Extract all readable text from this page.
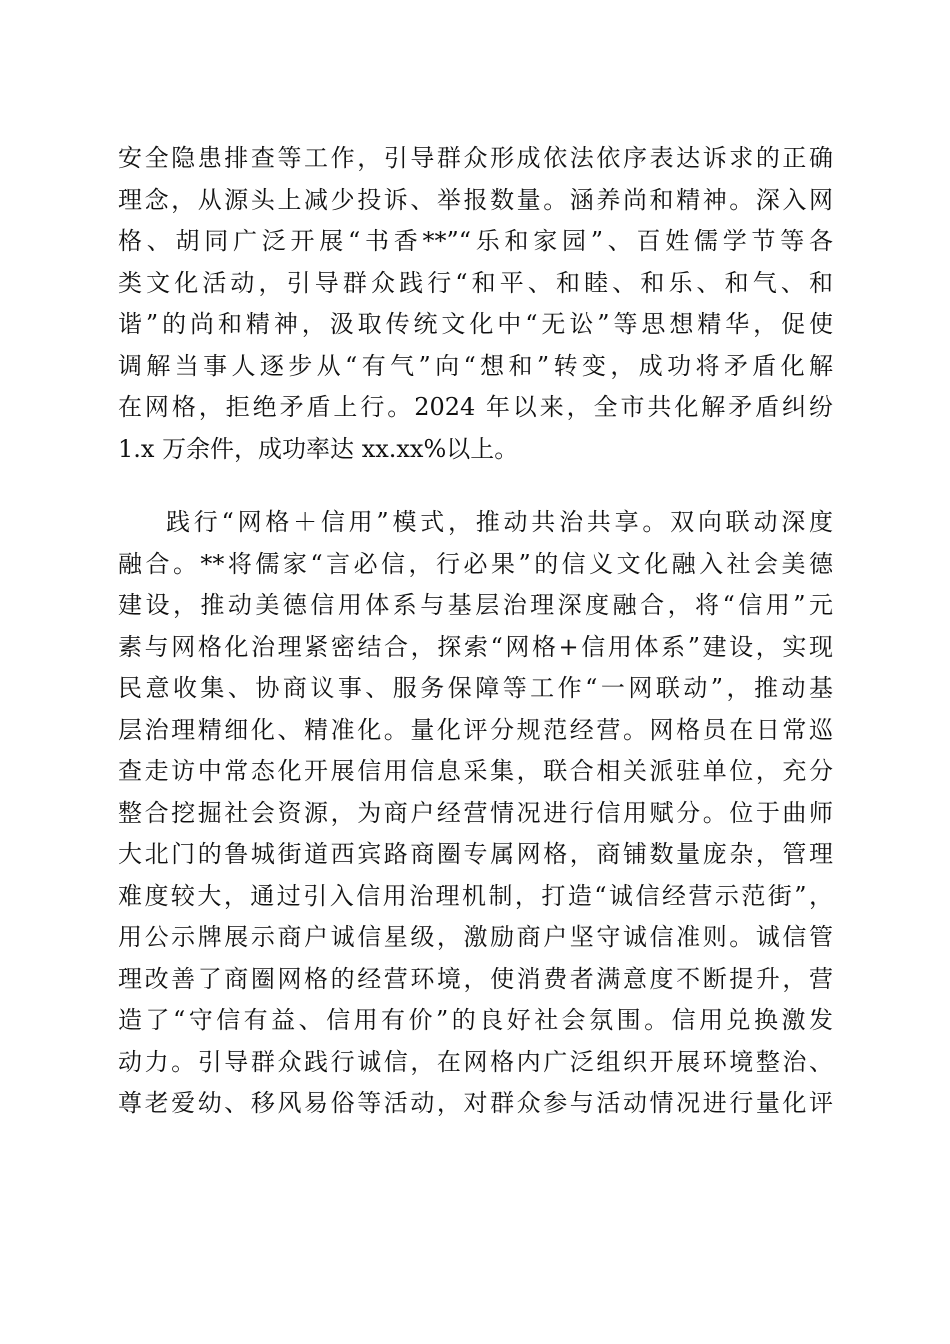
安全隐患排查等工作，引导群众形成依法依序表达诉求的正确
理念，从源头上减少投诉、举报数量。涵养尚和精神。深入网
格、胡同广泛开展“书香**”“乐和家园”、百姓儒学节等各
类文化活动，引导群众践行“和平、和睦、和乐、和气、和
谐”的尚和精神，汲取传统文化中“无讼”等思想精华，促使
调解当事人逐步从“有气”向“想和”转变，成功将矛盾化解
在网格，拒绝矛盾上行。2024 年以来，全市共化解矛盾纠纷
1.x 万余件，成功率达 xx.xx%以上。
践行“网格＋信用”模式，推动共治共享。双向联动深度
融合。**将儒家“言必信，行必果”的信义文化融入社会美德
建设，推动美德信用体系与基层治理深度融合，将“信用”元
素与网格化治理紧密结合，探索“网格+信用体系”建设，实现
民意收集、协商议事、服务保障等工作“一网联动”，推动基
层治理精细化、精准化。量化评分规范经营。网格员在日常巡
查走访中常态化开展信用信息采集，联合相关派驻单位，充分
整合挖掘社会资源，为商户经营情况进行信用赋分。位于曲师
大北门的鲁城街道西宾路商圈专属网格，商铺数量庞杂，管理
难度较大，通过引入信用治理机制，打造“诚信经营示范街”，
用公示牌展示商户诚信星级，激励商户坚守诚信准则。诚信管
理改善了商圈网格的经营环境，使消费者满意度不断提升，营
造了“守信有益、信用有价”的良好社会氛围。信用兑换激发
动力。引导群众践行诚信，在网格内广泛组织开展环境整治、
尊老爱幼、移风易俗等活动，对群众参与活动情况进行量化评
